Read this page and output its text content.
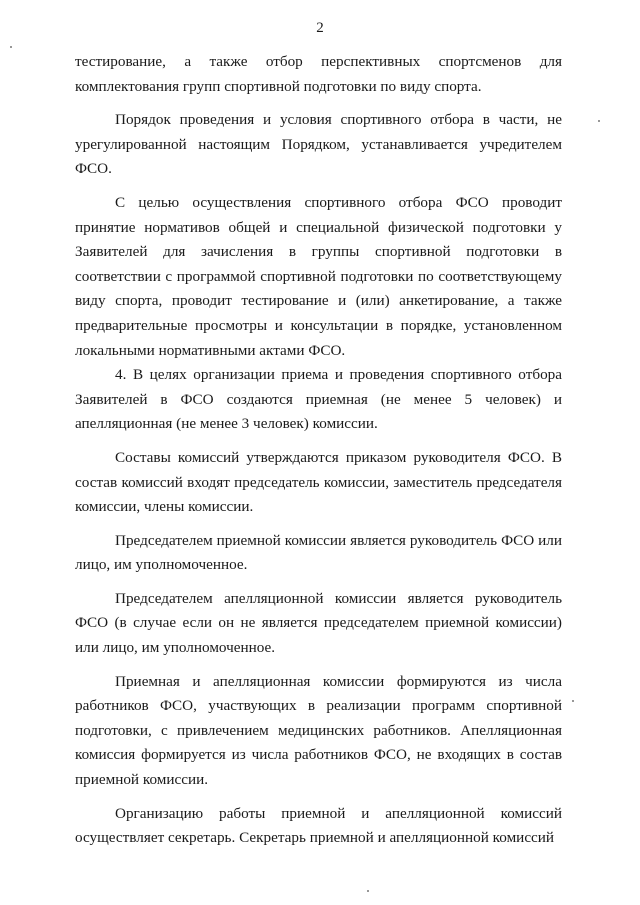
2

тестирование, а также отбор перспективных спортсменов для комплектования групп спортивной подготовки по виду спорта.

Порядок проведения и условия спортивного отбора в части, не урегулированной настоящим Порядком, устанавливается учредителем ФСО.

С целью осуществления спортивного отбора ФСО проводит принятие нормативов общей и специальной физической подготовки у Заявителей для зачисления в группы спортивной подготовки в соответствии с программой спортивной подготовки по соответствующему виду спорта, проводит тестирование и (или) анкетирование, а также предварительные просмотры и консультации в порядке, установленном локальными нормативными актами ФСО.

4. В целях организации приема и проведения спортивного отбора Заявителей в ФСО создаются приемная (не менее 5 человек) и апелляционная (не менее 3 человек) комиссии.

Составы комиссий утверждаются приказом руководителя ФСО. В состав комиссий входят председатель комиссии, заместитель председателя комиссии, члены комиссии.

Председателем приемной комиссии является руководитель ФСО или лицо, им уполномоченное.

Председателем апелляционной комиссии является руководитель ФСО (в случае если он не является председателем приемной комиссии) или лицо, им уполномоченное.

Приемная и апелляционная комиссии формируются из числа работников ФСО, участвующих в реализации программ спортивной подготовки, с привлечением медицинских работников. Апелляционная комиссия формируется из числа работников ФСО, не входящих в состав приемной комиссии.

Организацию работы приемной и апелляционной комиссий осуществляет секретарь. Секретарь приемной и апелляционной комиссий
